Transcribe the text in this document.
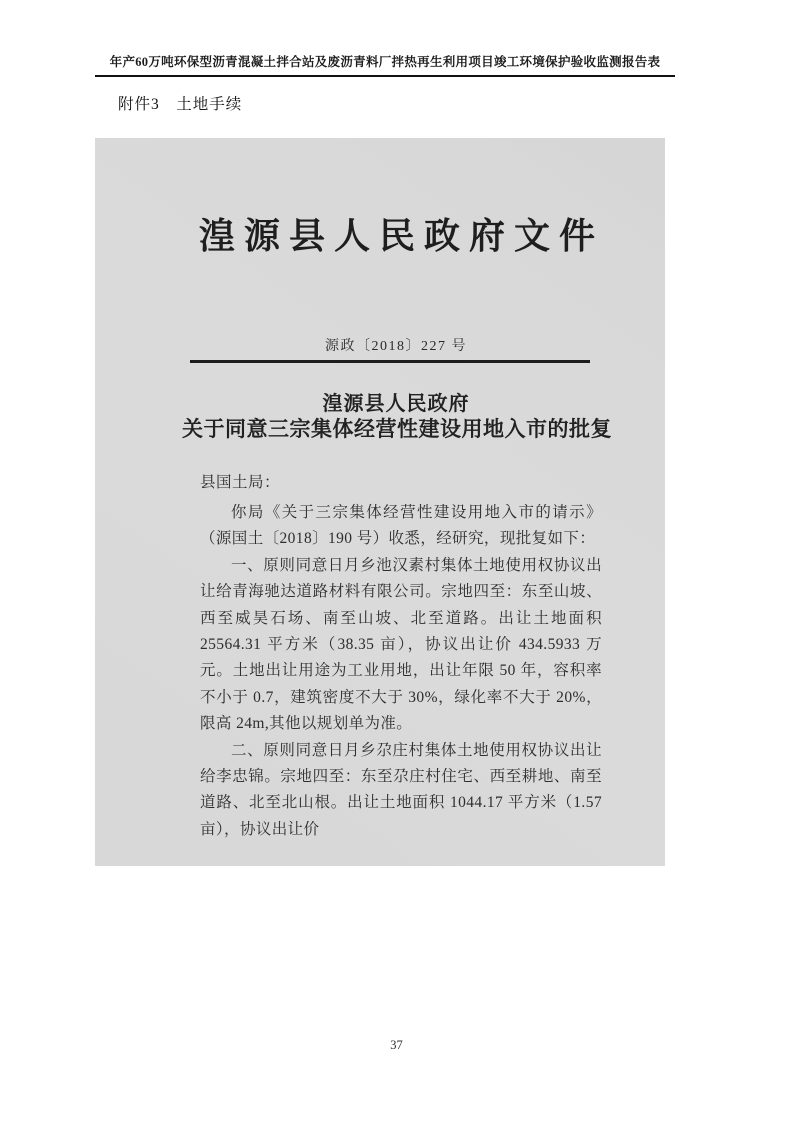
年产60万吨环保型沥青混凝土拌合站及废沥青料厂拌热再生利用项目竣工环境保护验收监测报告表
附件3　土地手续
湟源县人民政府文件
源政〔2018〕227 号
湟源县人民政府
关于同意三宗集体经营性建设用地入市的批复
县国土局：

你局《关于三宗集体经营性建设用地入市的请示》（源国土〔2018〕190 号）收悉，经研究，现批复如下：

一、原则同意日月乡池汉素村集体土地使用权协议出让给青海驰达道路材料有限公司。宗地四至：东至山坡、西至威昊石场、南至山坡、北至道路。出让土地面积 25564.31 平方米（38.35 亩），协议出让价 434.5933 万元。土地出让用途为工业用地，出让年限 50 年，容积率不小于 0.7，建筑密度不大于 30%，绿化率不大于 20%，限高 24m,其他以规划单为准。

二、原则同意日月乡尕庄村集体土地使用权协议出让给李忠锦。宗地四至：东至尕庄村住宅、西至耕地、南至道路、北至北山根。出让土地面积 1044.17 平方米（1.57 亩），协议出让价

37
